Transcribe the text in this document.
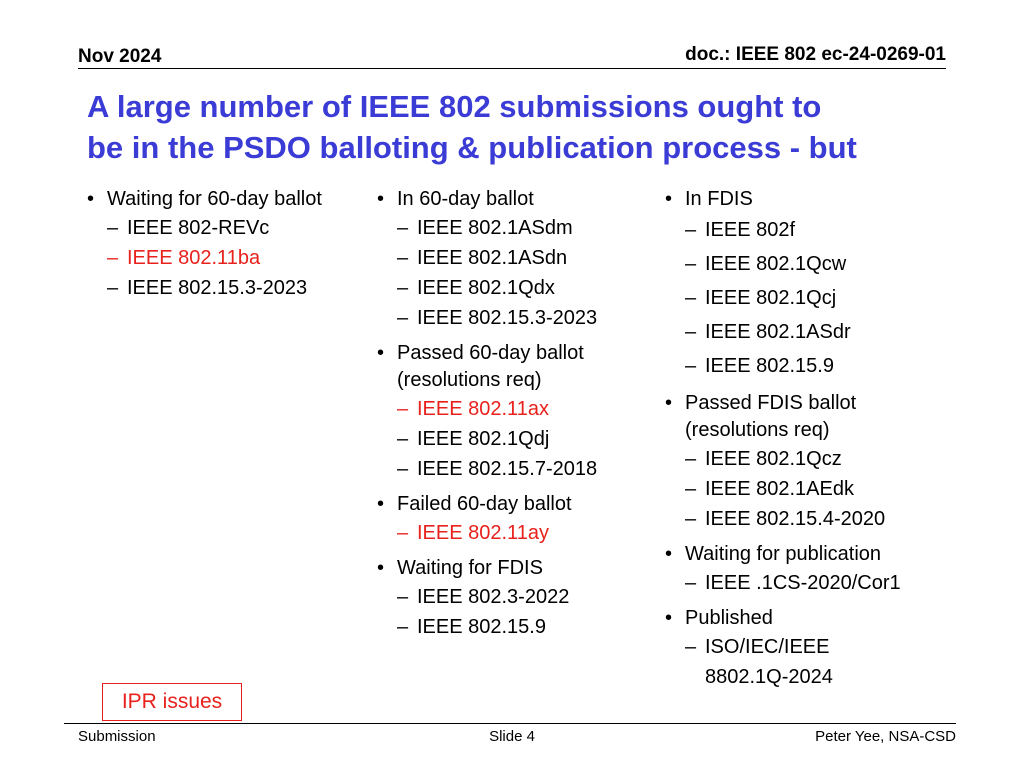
Nov 2024	doc.: IEEE 802 ec-24-0269-01
A large number of IEEE 802 submissions ought to
be in the PSDO balloting & publication process - but
• Waiting for 60-day ballot
– IEEE 802-REVc
– IEEE 802.11ba
– IEEE 802.15.3-2023
• In 60-day ballot
– IEEE 802.1ASdm
– IEEE 802.1ASdn
– IEEE 802.1Qdx
– IEEE 802.15.3-2023
• Passed 60-day ballot
(resolutions req)
– IEEE 802.11ax
– IEEE 802.1Qdj
– IEEE 802.15.7-2018
• Failed 60-day ballot
– IEEE 802.11ay
• Waiting for FDIS
– IEEE 802.3-2022
– IEEE 802.15.9
• In FDIS
– IEEE 802f
– IEEE 802.1Qcw
– IEEE 802.1Qcj
– IEEE 802.1ASdr
– IEEE 802.15.9
• Passed FDIS ballot
(resolutions req)
– IEEE 802.1Qcz
– IEEE 802.1AEdk
– IEEE 802.15.4-2020
• Waiting for publication
– IEEE .1CS-2020/Cor1
• Published
– ISO/IEC/IEEE
8802.1Q-2024
IPR issues
Submission	Slide 4	Peter Yee, NSA-CSD
